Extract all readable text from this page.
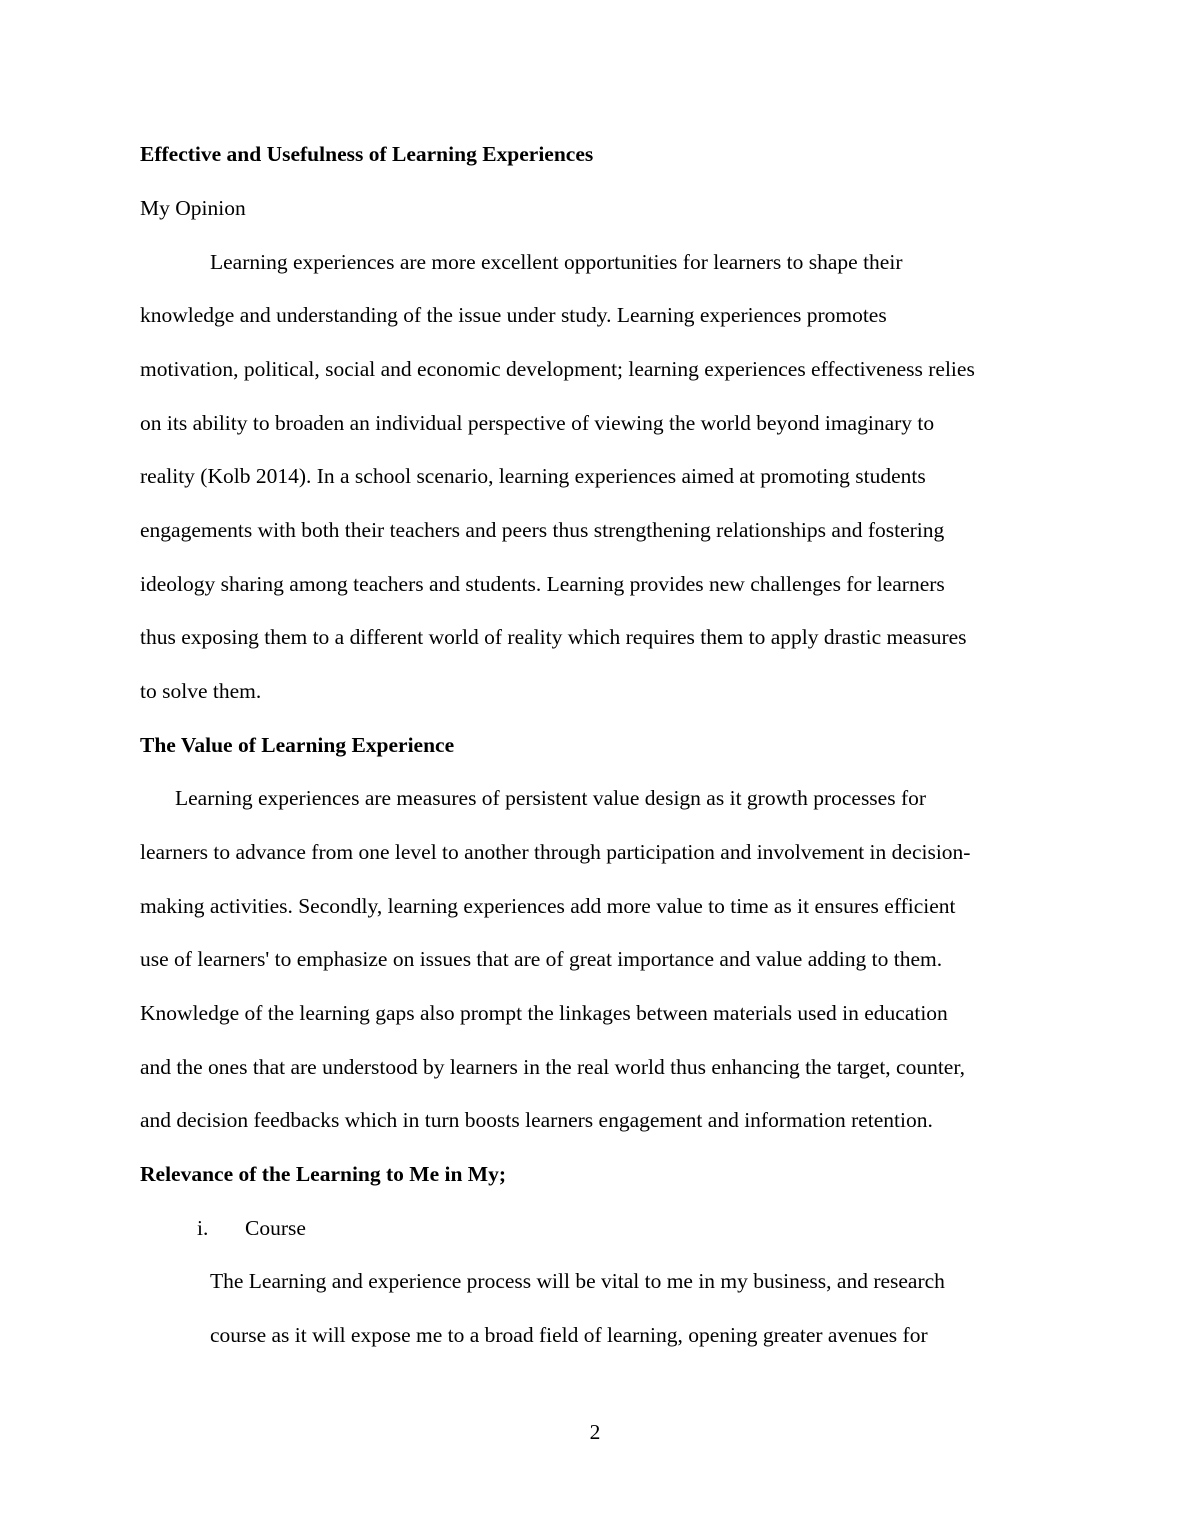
Effective and Usefulness of Learning Experiences

My Opinion

Learning experiences are more excellent opportunities for learners to shape their

knowledge and understanding of the issue under study. Learning experiences promotes

motivation, political, social and economic development; learning experiences effectiveness relies

on its ability to broaden an individual perspective of viewing the world beyond imaginary to

reality (Kolb 2014). In a school scenario, learning experiences aimed at promoting students

engagements with both their teachers and peers thus strengthening relationships and fostering

ideology sharing among teachers and students. Learning provides new challenges for learners

thus exposing them to a different world of reality which requires them to apply drastic measures

to solve them.

The Value of Learning Experience

Learning experiences are measures of persistent value design as it growth processes for

learners to advance from one level to another through participation and involvement in decision-

making activities. Secondly, learning experiences add more value to time as it ensures efficient

use of learners' to emphasize on issues that are of great importance and value adding to them.

Knowledge of the learning gaps also prompt the linkages between materials used in education

and the ones that are understood by learners in the real world thus enhancing the target, counter,

and decision feedbacks which in turn boosts learners engagement and information retention.

Relevance of the Learning to Me in My;

i. Course

The Learning and experience process will be vital to me in my business, and research

course as it will expose me to a broad field of learning, opening greater avenues for

2
